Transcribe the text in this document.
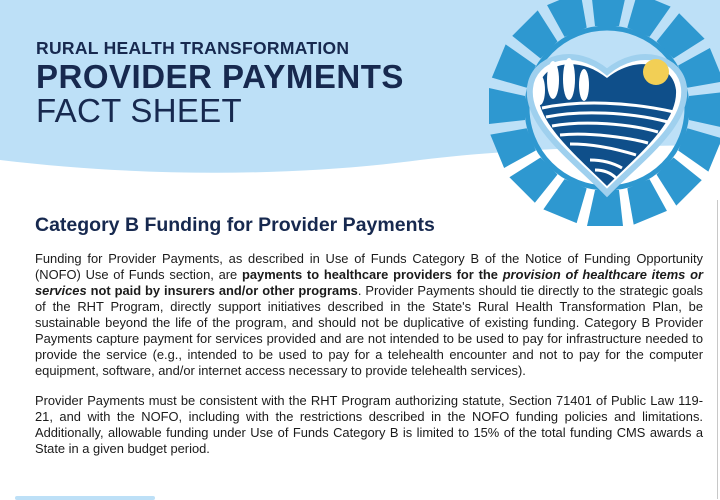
RURAL HEALTH TRANSFORMATION
PROVIDER PAYMENTS
FACT SHEET
Category B Funding for Provider Payments

Funding for Provider Payments, as described in Use of Funds Category B of the Notice of Funding Opportunity (NOFO) Use of Funds section, are payments to healthcare providers for the provision of healthcare items or services not paid by insurers and/or other programs. Provider Payments should tie directly to the strategic goals of the RHT Program, directly support initiatives described in the State's Rural Health Transformation Plan, be sustainable beyond the life of the program, and should not be duplicative of existing funding. Category B Provider Payments capture payment for services provided and are not intended to be used to pay for infrastructure needed to provide the service (e.g., intended to be used to pay for a telehealth encounter and not to pay for the computer equipment, software, and/or internet access necessary to provide telehealth services).

Provider Payments must be consistent with the RHT Program authorizing statute, Section 71401 of Public Law 119-21, and with the NOFO, including with the restrictions described in the NOFO funding policies and limitations. Additionally, allowable funding under Use of Funds Category B is limited to 15% of the total funding CMS awards a State in a given budget period.
